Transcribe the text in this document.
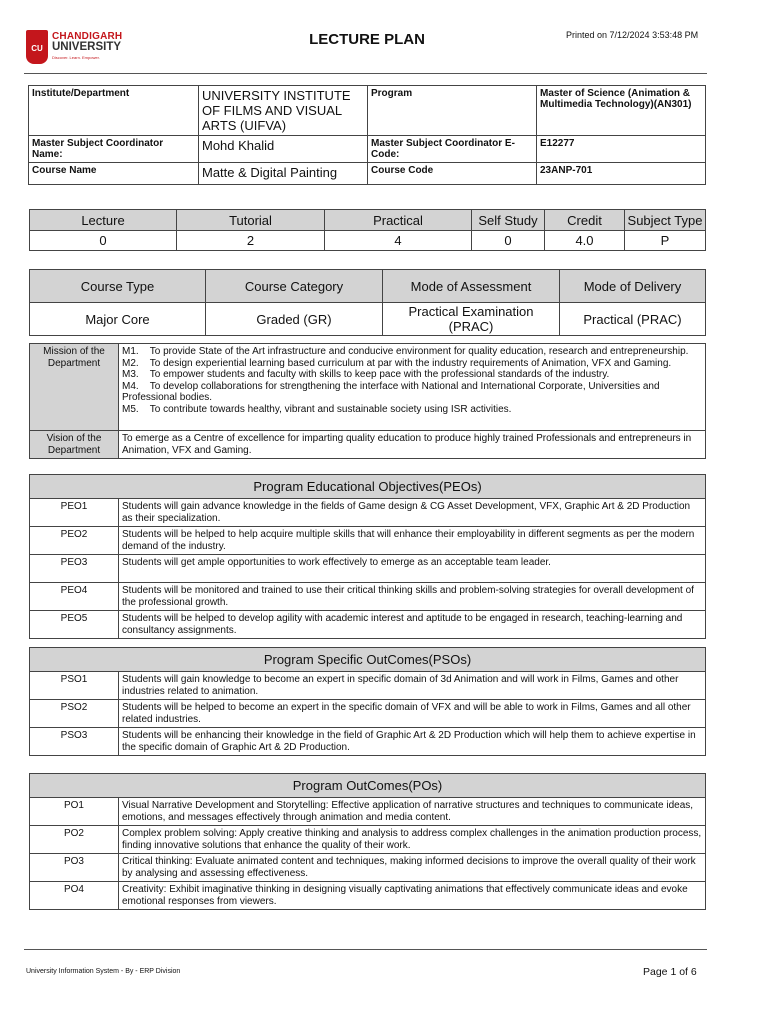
CU
CHANDIGARH
UNIVERSITY
Discover. Learn. Empower.
LECTURE PLAN	Printed on 7/12/2024 3:53:48 PM
Institute/Department	UNIVERSITY INSTITUTE OF FILMS AND VISUAL ARTS (UIFVA)	Program	Master of Science (Animation & Multimedia Technology)(AN301)
Master Subject Coordinator Name:	Mohd Khalid	Master Subject Coordinator E-Code:	E12277
Course Name	Matte & Digital Painting	Course Code	23ANP-701
Lecture	Tutorial	Practical	Self Study	Credit	Subject Type
0	2	4	0	4.0	P
Course Type	Course Category	Mode of Assessment	Mode of Delivery
Major Core	Graded (GR)	Practical Examination (PRAC)	Practical (PRAC)
Mission of the Department	M1.    To provide State of the Art infrastructure and conducive environment for quality education, research and entrepreneurship.
M2.    To design experiential learning based curriculum at par with the industry requirements of Animation, VFX and Gaming.
M3.    To empower students and faculty with skills to keep pace with the professional standards of the industry.
M4.    To develop collaborations for strengthening the interface with National and International Corporate, Universities and Professional bodies.
M5.    To contribute towards healthy, vibrant and sustainable society using ISR activities.

Vision of the Department	To emerge as a Centre of excellence for imparting quality education to produce highly trained Professionals and entrepreneurs in Animation, VFX and Gaming.
Program Educational Objectives(PEOs)	
PEO1	Students will gain advance knowledge in the fields of Game design & CG Asset Development, VFX, Graphic Art & 2D Production as their specialization.
PEO2	Students will be helped to help acquire multiple skills that will enhance their employability in different segments as per the modern demand of the industry.
PEO3	Students will get ample opportunities to work effectively to emerge as an acceptable team leader.
PEO4	Students will be monitored and trained to use their critical thinking skills and problem-solving strategies for overall development of the professional growth.
PEO5	Students will be helped to develop agility with academic interest and aptitude to be engaged in research, teaching-learning and consultancy assignments.
Program Specific OutComes(PSOs)	
PSO1	Students will gain knowledge to become an expert in specific domain of 3d Animation and will work in Films, Games and other industries related to animation.
PSO2	Students will be helped to become an expert in the specific domain of VFX and will be able to work in Films, Games and all other related industries.
PSO3	Students will be enhancing their knowledge in the field of Graphic Art & 2D Production which will help them to achieve expertise in the specific domain of Graphic Art & 2D Production.
Program OutComes(POs)	
PO1	Visual Narrative Development and Storytelling: Effective application of narrative structures and techniques to communicate ideas, emotions, and messages effectively through animation and media content.
PO2	Complex problem solving: Apply creative thinking and analysis to address complex challenges in the animation production process, finding innovative solutions that enhance the quality of their work.
PO3	Critical thinking: Evaluate animated content and techniques, making informed decisions to improve the overall quality of their work by analysing and assessing effectiveness.
PO4	Creativity: Exhibit imaginative thinking in designing visually captivating animations that effectively communicate ideas and evoke emotional responses from viewers.
University Information System - By - ERP Division	Page 1 of 6
